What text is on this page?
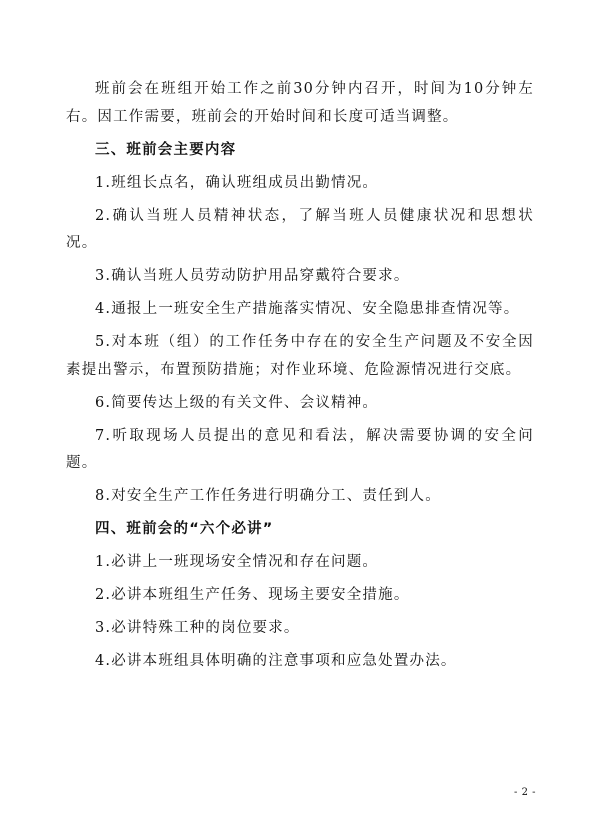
班前会在班组开始工作之前30分钟内召开，时间为10分钟左右。因工作需要，班前会的开始时间和长度可适当调整。

三、班前会主要内容

1.班组长点名，确认班组成员出勤情况。

2.确认当班人员精神状态，了解当班人员健康状况和思想状况。

3.确认当班人员劳动防护用品穿戴符合要求。

4.通报上一班安全生产措施落实情况、安全隐患排查情况等。

5.对本班（组）的工作任务中存在的安全生产问题及不安全因素提出警示，布置预防措施；对作业环境、危险源情况进行交底。

6.简要传达上级的有关文件、会议精神。

7.听取现场人员提出的意见和看法，解决需要协调的安全问题。

8.对安全生产工作任务进行明确分工、责任到人。

四、班前会的“六个必讲”

1.必讲上一班现场安全情况和存在问题。

2.必讲本班组生产任务、现场主要安全措施。

3.必讲特殊工种的岗位要求。

4.必讲本班组具体明确的注意事项和应急处置办法。

- 2 -
